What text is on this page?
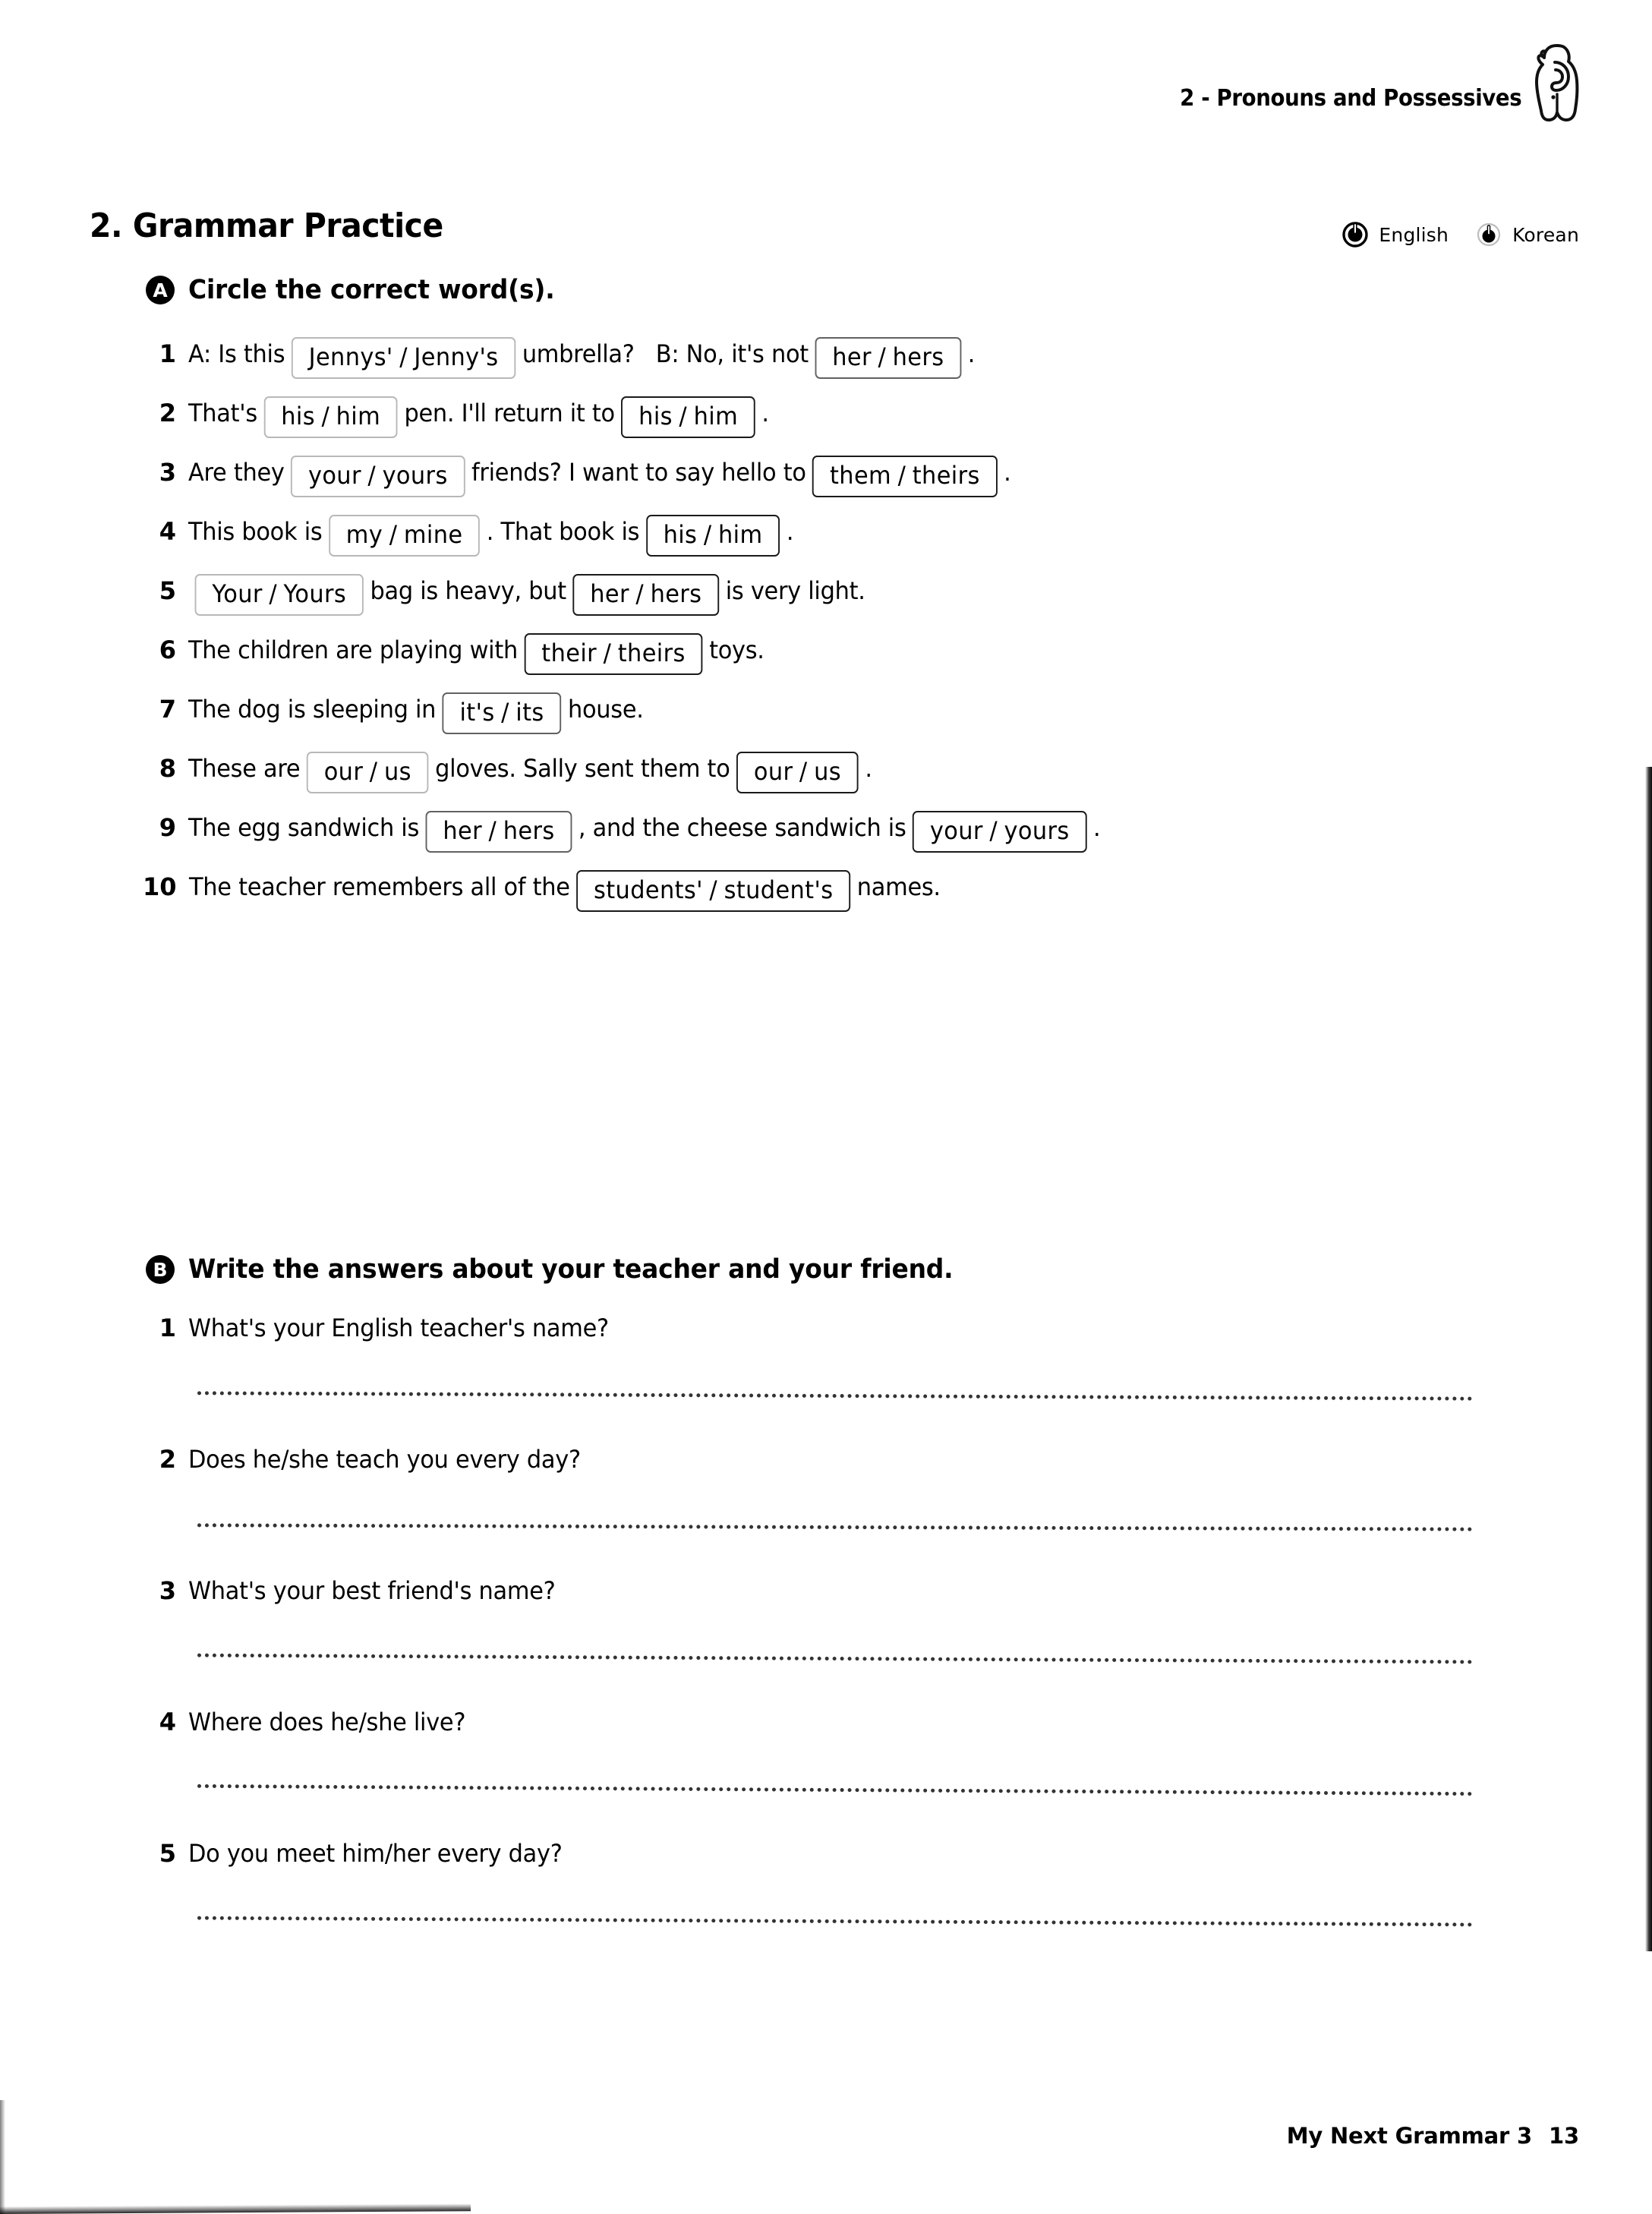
2 - Pronouns and Possessives
2. Grammar Practice	English	Korean
A Circle the correct word(s).
1 A: Is this Jennys' / Jenny's umbrella?   B: No, it's not her / hers .
2 That's his / him pen. I'll return it to his / him .
3 Are they your / yours friends? I want to say hello to them / theirs .
4 This book is my / mine . That book is his / him .
5	Your / Yours bag is heavy, but her / hers is very light.
6 The children are playing with their / theirs toys.
7 The dog is sleeping in it's / its house.
8 These are our / us gloves. Sally sent them to our / us .
9 The egg sandwich is her / hers , and the cheese sandwich is your / yours .
10 The teacher remembers all of the students' / student's names.
B Write the answers about your teacher and your friend.
1 What's your English teacher's name?
2 Does he/she teach you every day?
3 What's your best friend's name?
4 Where does he/she live?
5 Do you meet him/her every day?
My Next Grammar 3 13
